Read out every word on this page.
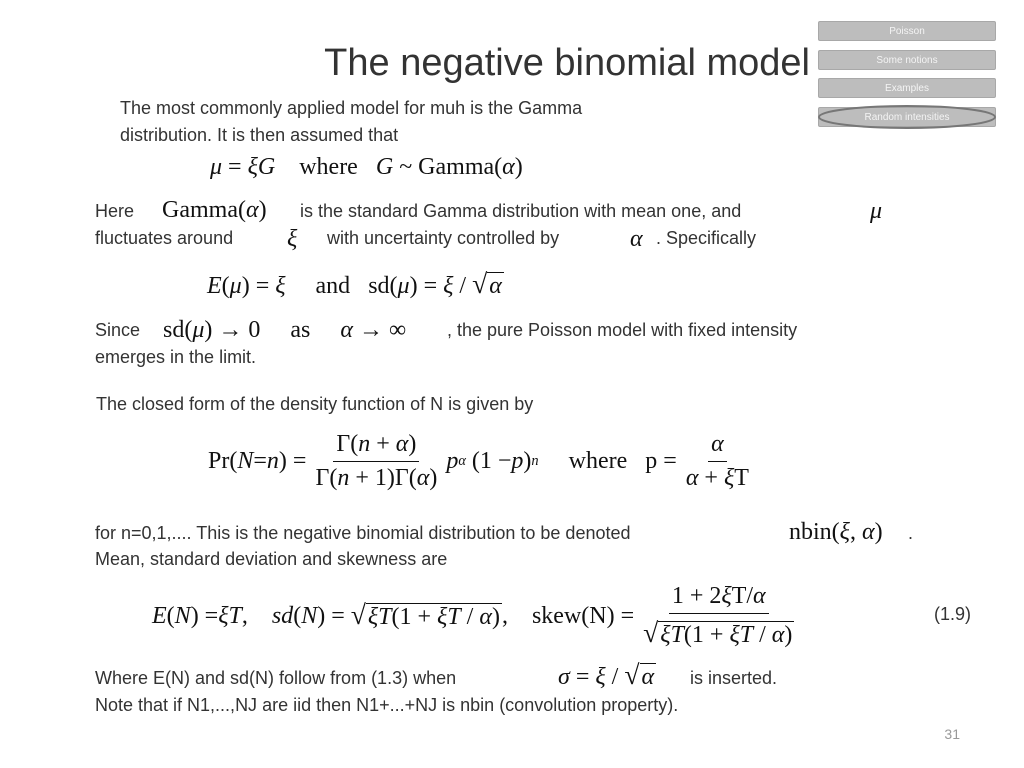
Poisson
Some notions
Examples
Random intensities
The negative binomial model
The most commonly applied model for muh is the Gamma
distribution. It is then assumed that
μ = ξG where G ~ Gamma(α)
Here Gamma(α) is the standard Gamma distribution with mean one, and	μ
fluctuates around ξ with uncertainty controlled by	α . Specifically
E(μ) = ξ and sd(μ) = ξ / √α
Since sd(μ) → 0     as α → ∞ , the pure Poisson model with fixed intensity
emerges in the limit.
The closed form of the density function of N is given by
Pr ( N = n ) = $\frac{\Gamma(n + \alpha)}{\Gamma(n + 1)\Gamma(\alpha)}$
p α (1 − p ) n
where $p = \frac{\alpha}{\alpha + \xi T}$
for n=0,1,.... This is the negative binomial distribution to be denoted	nbin(ξ, α) .
Mean, standard deviation and skewness are
E ( N ) = ξT , sd ( N ) = √ξT(1 + ξT / α) , skew(N) = $\frac{1 + 2\xi T/\alpha}{√\xi T(1 + \xi T / \alpha)}$	(1.9)
Where E(N) and sd(N) follow from (1.3) when	σ = ξ / √α is inserted.
Note that if N1,...,NJ are iid then N1+...+NJ is nbin (convolution property).
31
